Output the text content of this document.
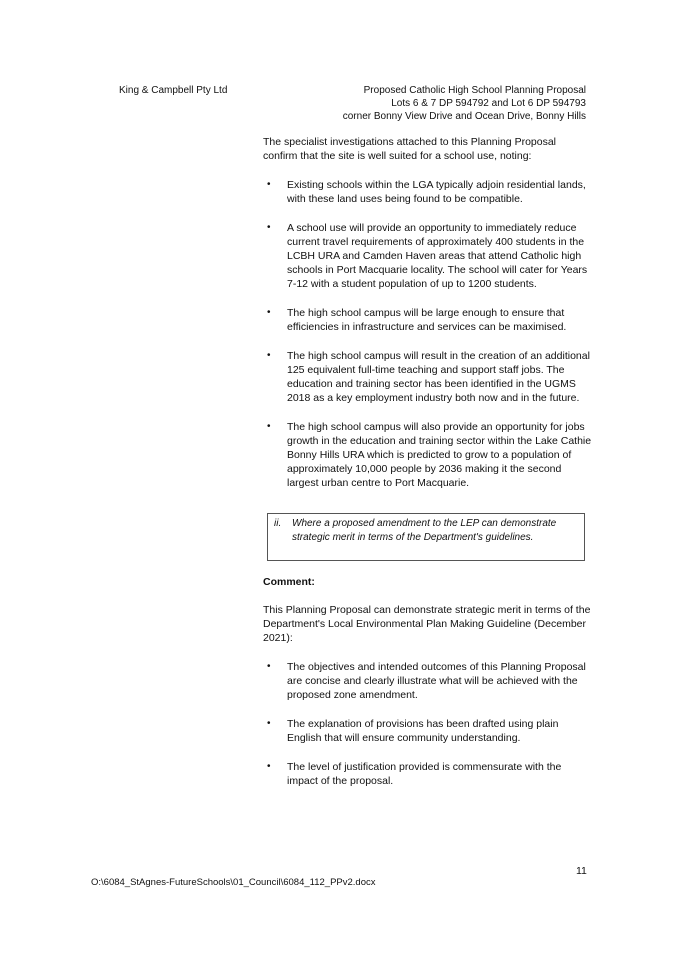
King & Campbell Pty Ltd	Proposed Catholic High School Planning Proposal
Lots 6 & 7 DP 594792 and Lot 6 DP 594793
corner Bonny View Drive and Ocean Drive, Bonny Hills

The specialist investigations attached to this Planning Proposal confirm that the site is well suited for a school use, noting:

• Existing schools within the LGA typically adjoin residential lands, with these land uses being found to be compatible.
• A school use will provide an opportunity to immediately reduce current travel requirements of approximately 400 students in the LCBH URA and Camden Haven areas that attend Catholic high schools in Port Macquarie locality. The school will cater for Years 7-12 with a student population of up to 1200 students.
• The high school campus will be large enough to ensure that efficiencies in infrastructure and services can be maximised.
• The high school campus will result in the creation of an additional 125 equivalent full-time teaching and support staff jobs. The education and training sector has been identified in the UGMS 2018 as a key employment industry both now and in the future.
• The high school campus will also provide an opportunity for jobs growth in the education and training sector within the Lake Cathie Bonny Hills URA which is predicted to grow to a population of approximately 10,000 people by 2036 making it the second largest urban centre to Port Macquarie.
ii. Where a proposed amendment to the LEP can demonstrate strategic merit in terms of the Department's guidelines.

Comment:

This Planning Proposal can demonstrate strategic merit in terms of the Department's Local Environmental Plan Making Guideline (December 2021):

• The objectives and intended outcomes of this Planning Proposal are concise and clearly illustrate what will be achieved with the proposed zone amendment.
• The explanation of provisions has been drafted using plain English that will ensure community understanding.
• The level of justification provided is commensurate with the impact of the proposal.
11
O:\6084_StAgnes-FutureSchools\01_Council\6084_112_PPv2.docx
